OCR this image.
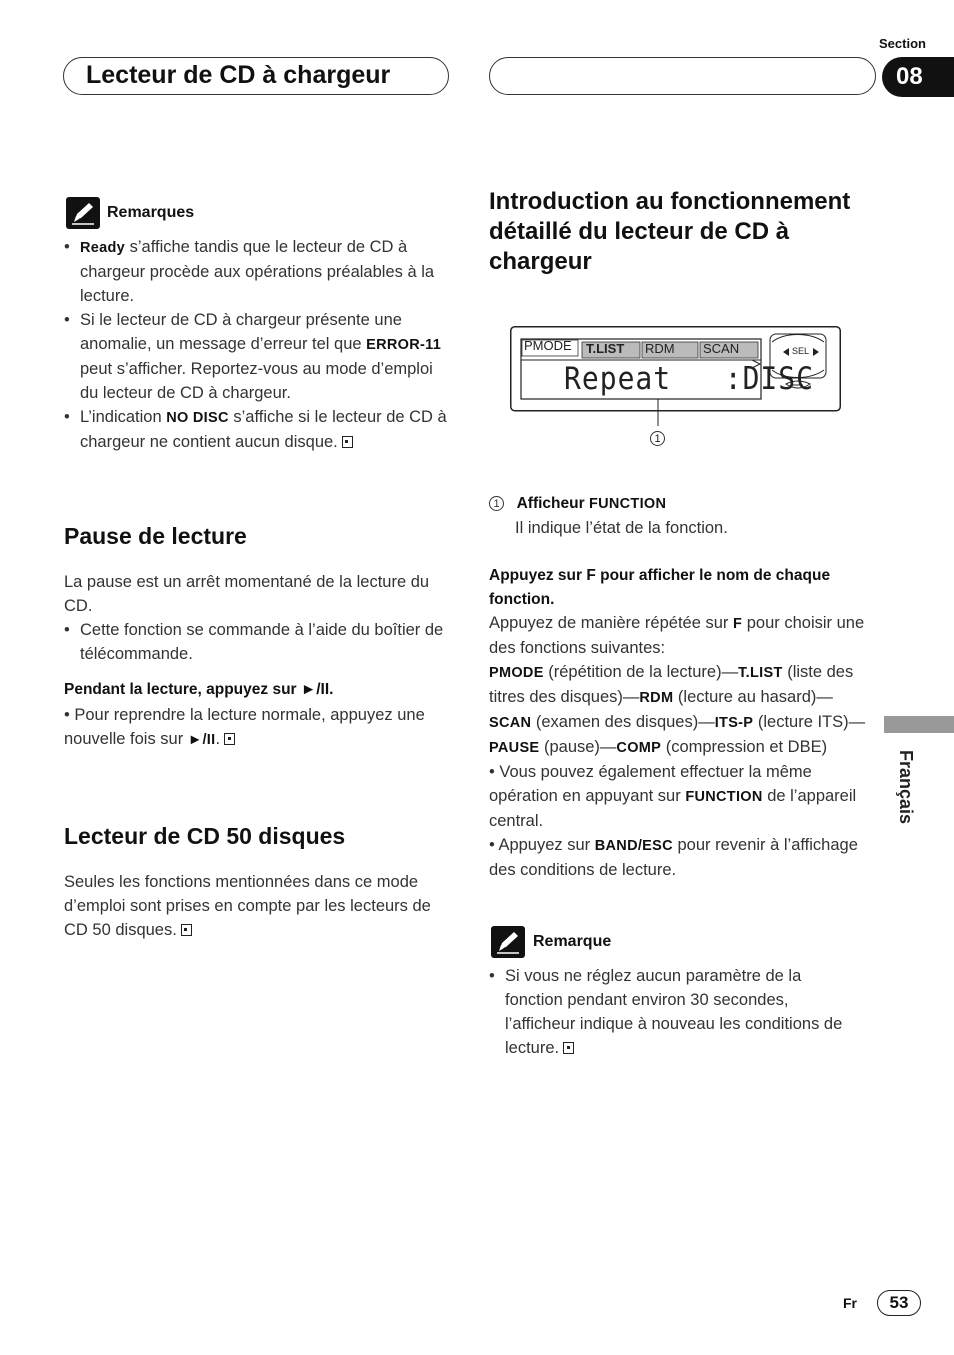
Lecteur de CD à chargeur
Section
08
Remarques
• Ready s’affiche tandis que le lecteur de CD à chargeur procède aux opérations préalables à la lecture.
• Si le lecteur de CD à chargeur présente une anomalie, un message d’erreur tel que ERROR-11 peut s’afficher. Reportez-vous au mode d’emploi du lecteur de CD à chargeur.
• L’indication NO DISC s’affiche si le lecteur de CD à chargeur ne contient aucun disque.
Pause de lecture
La pause est un arrêt momentané de la lecture du CD.
• Cette fonction se commande à l’aide du boîtier de télécommande.
Pendant la lecture, appuyez sur ►/II.
• Pour reprendre la lecture normale, appuyez une nouvelle fois sur ►/II.
Lecteur de CD 50 disques
Seules les fonctions mentionnées dans ce mode d’emploi sont prises en compte par les lecteurs de CD 50 disques.
Introduction au fonctionnement détaillé du lecteur de CD à chargeur
PMODE T.LIST RDM SCAN
Repeat   :DISC
SEL
1
1 Afficheur FUNCTION
Il indique l’état de la fonction.
Appuyez sur F pour afficher le nom de chaque fonction.
Appuyez de manière répétée sur F pour choisir une des fonctions suivantes:
PMODE (répétition de la lecture)—T.LIST (liste des titres des disques)—RDM (lecture au hasard)—SCAN (examen des disques)—ITS-P (lecture ITS)—PAUSE (pause)—COMP (compression et DBE)
• Vous pouvez également effectuer la même opération en appuyant sur FUNCTION de l’appareil central.
• Appuyez sur BAND/ESC pour revenir à l’affichage des conditions de lecture.
Remarque
• Si vous ne réglez aucun paramètre de la fonction pendant environ 30 secondes, l’afficheur indique à nouveau les conditions de lecture.
Français
Fr	53
